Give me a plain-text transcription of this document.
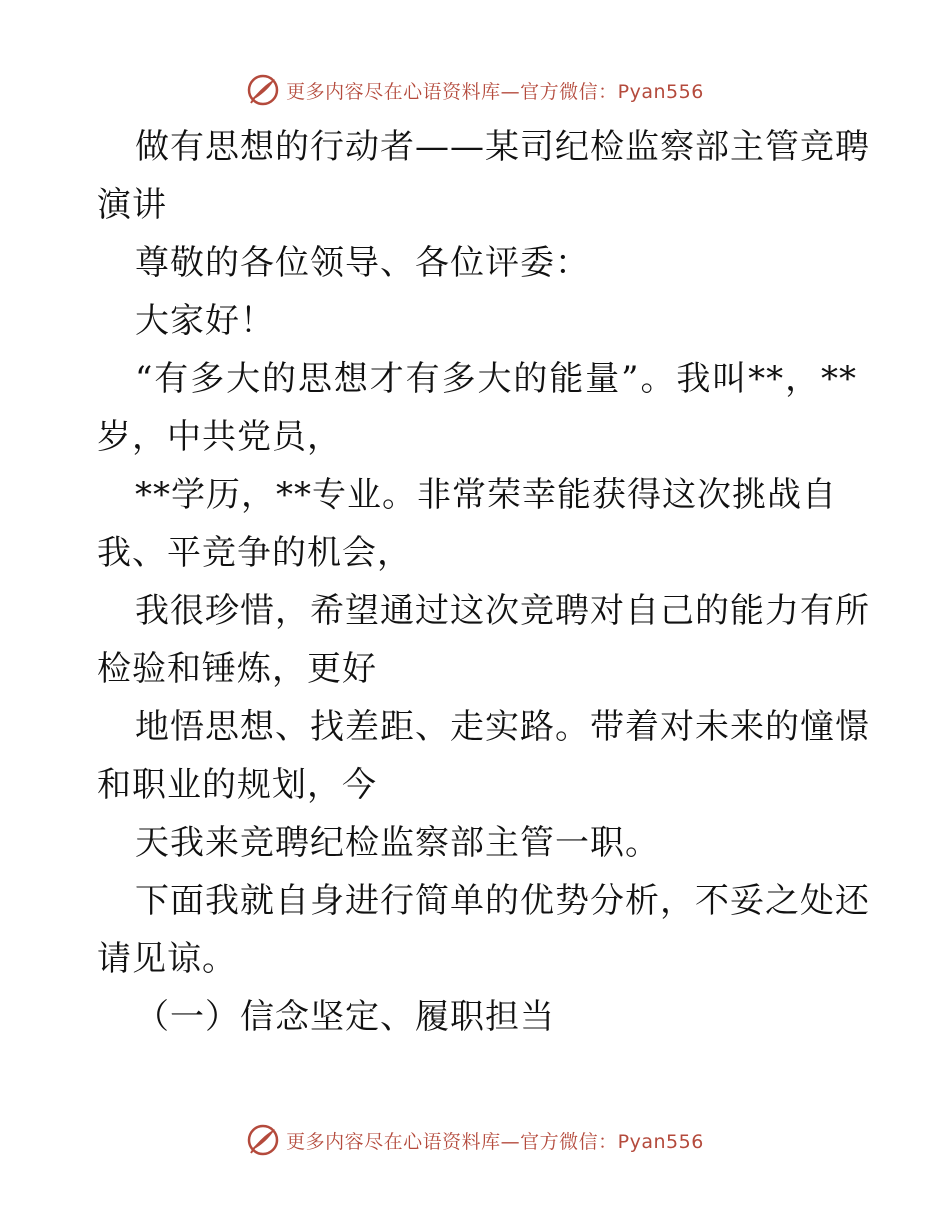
更多内容尽在心语资料库—官方微信：Pyan556
做有思想的行动者——某司纪检监察部主管竞聘
演讲
尊敬的各位领导、各位评委：
大家好！
“有多大的思想才有多大的能量”。我叫**，**
岁，中共党员，
**学历，**专业。非常荣幸能获得这次挑战自
我、平竞争的机会，
我很珍惜，希望通过这次竞聘对自己的能力有所
检验和锤炼，更好
地悟思想、找差距、走实路。带着对未来的憧憬
和职业的规划，今
天我来竞聘纪检监察部主管一职。
下面我就自身进行简单的优势分析，不妥之处还
请见谅。
（一）信念坚定、履职担当
更多内容尽在心语资料库—官方微信：Pyan556
